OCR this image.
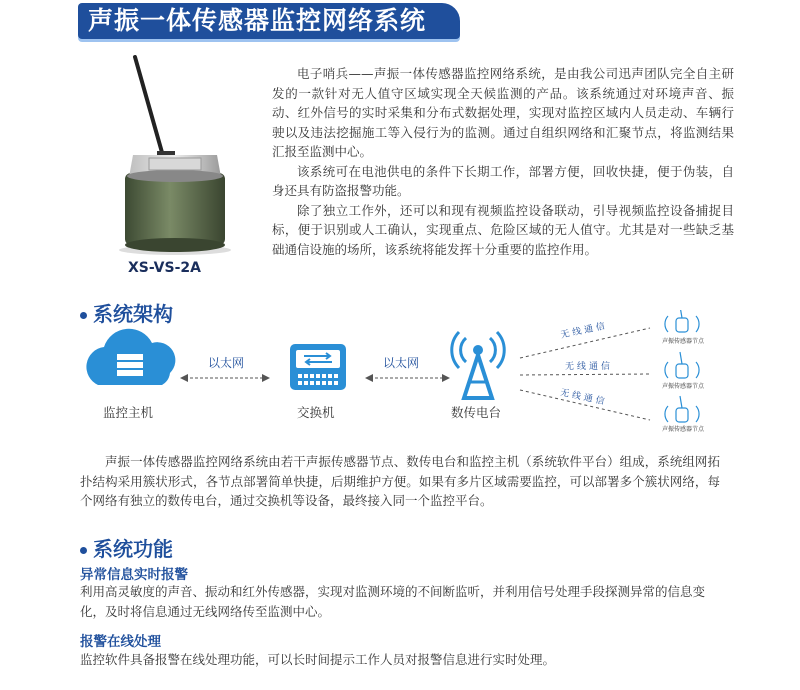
声振一体传感器监控网络系统
XS-VS-2A

电子哨兵——声振一体传感器监控网络系统，是由我公司迅声团队完全自主研发的一款针对无人值守区域实现全天候监测的产品。该系统通过对环境声音、振动、红外信号的实时采集和分布式数据处理，实现对监控区域内人员走动、车辆行驶以及违法挖掘施工等入侵行为的监测。通过自组织网络和汇聚节点，将监测结果汇报至监测中心。

该系统可在电池供电的条件下长期工作，部署方便，回收快捷，便于伪装，自身还具有防盗报警功能。

除了独立工作外，还可以和现有视频监控设备联动，引导视频监控设备捕捉目标，便于识别或人工确认，实现重点、危险区域的无人值守。尤其是对一些缺乏基础通信设施的场所，该系统将能发挥十分重要的监控作用。

系统架构
监控主机	交换机	数传电台
以太网	以太网
无线通信
无线通信
无线通信
声振传感器节点
声振传感器节点
声振传感器节点

声振一体传感器监控网络系统由若干声振传感器节点、数传电台和监控主机（系统软件平台）组成，系统组网拓扑结构采用簇状形式，各节点部署简单快捷，后期维护方便。如果有多片区域需要监控，可以部署多个簇状网络，每个网络有独立的数传电台，通过交换机等设备，最终接入同一个监控平台。

系统功能
异常信息实时报警
利用高灵敏度的声音、振动和红外传感器，实现对监测环境的不间断监听，并利用信号处理手段探测异常的信息变化，及时将信息通过无线网络传至监测中心。
报警在线处理
监控软件具备报警在线处理功能，可以长时间提示工作人员对报警信息进行实时处理。
